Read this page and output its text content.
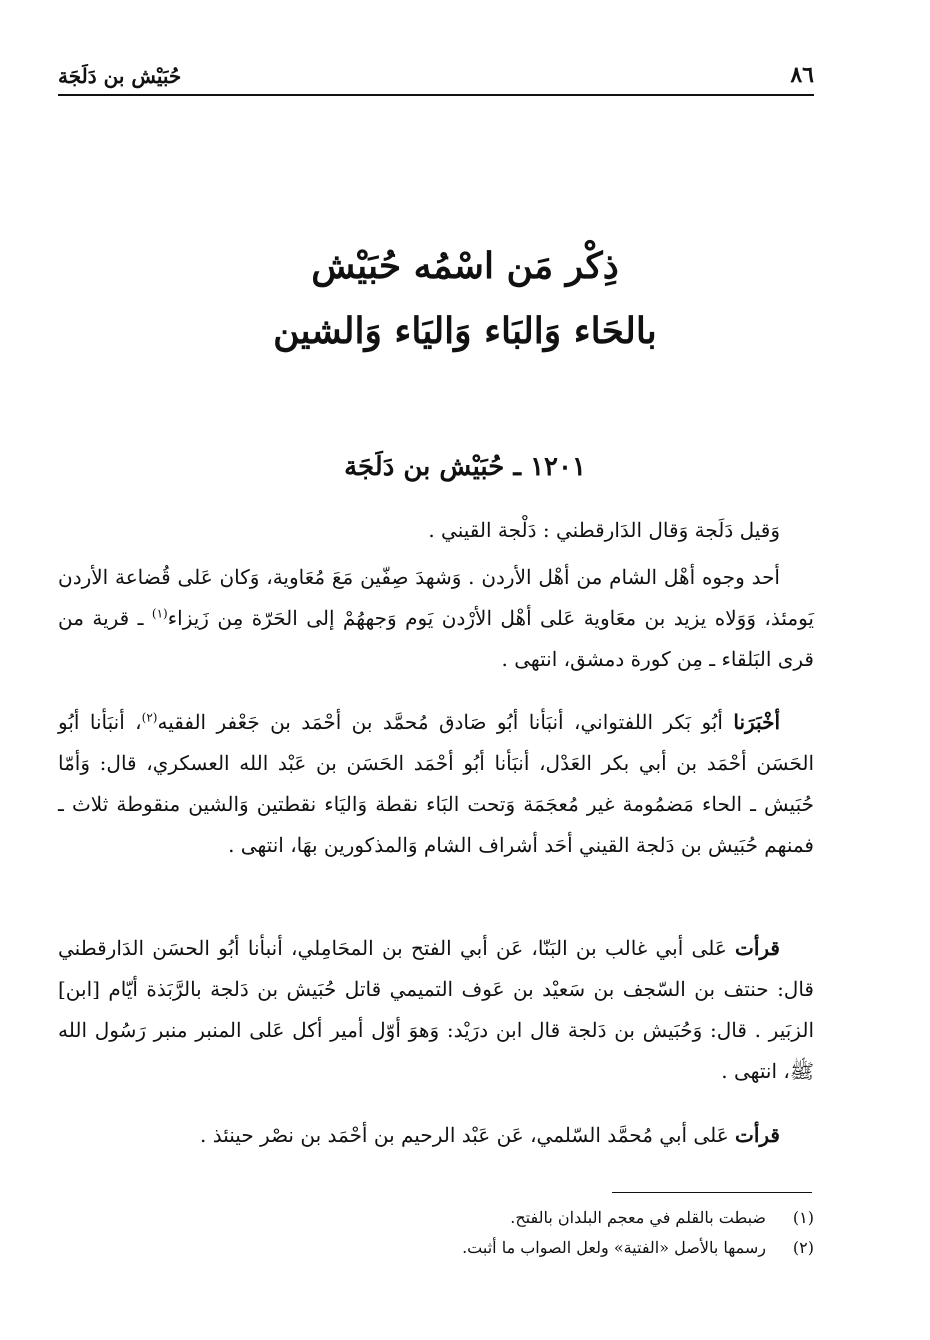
٨٦
حُبَيْش بن دَلَجَة
ذِكْر مَن اسْمُه حُبَيْش
بالحَاء وَالبَاء وَاليَاء وَالشين
١٢٠١ ـ حُبَيْش بن دَلَجَة
وَقيل دَلَجة وَقال الدَارقطني : دَلْجة القيني .
أحد وجوه أهْل الشام من أهْل الأردن . وَشهدَ صِفّين مَعَ مُعَاوية، وَكان عَلى قُضاعة الأردن يَومئذ، وَوَلاه يزيد بن معَاوية عَلى أهْل الأرْدن يَوم وَجههُمْ إلى الحَرّة مِن زَيزاء$^{(١)}$ ـ قرية من قرى البَلقاء ـ مِن كورة دمشق، انتهى .
أخْبَرَنا أبُو بَكر اللفتواني، أنبَأنا أبُو صَادق مُحمَّد بن أحْمَد بن جَعْفر الفقيه$^{(٢)}$، أنبَأنا أبُو الحَسَن أحْمَد بن أبي بكر العَدْل، أنبَأنا أبُو أحْمَد الحَسَن بن عَبْد الله العسكري، قال: وَأمّا حُبَيش ـ الحاء مَضمُومة غير مُعجَمَة وَتحت البَاء نقطة وَاليَاء نقطتين وَالشين منقوطة ثلاث ـ فمنهم حُبَيش بن دَلجة القيني أحَد أشراف الشام وَالمذكورين بهَا، انتهى .
قرأت عَلى أبي غالب بن البَنّا، عَن أبي الفتح بن المحَامِلي، أنبأنا أبُو الحسَن الدَارقطني قال: حنتف بن السّجف بن سَعيْد بن عَوف التميمي قاتل حُبَيش بن دَلجة بالرَّبَذة أيّام [ابن] الزبَير . قال: وَحُبَيش بن دَلجة قال ابن درَيْد: وَهوَ أوّل أمير أكل عَلى المنبر منبر رَسُول الله ﷺ، انتهى .
قرأت عَلى أبي مُحمَّد السّلمي، عَن عَبْد الرحيم بن أحْمَد بن نصْر حينئذ .
(١)ضبطت بالقلم في معجم البلدان بالفتح.
(٢)رسمها بالأصل «الفتية» ولعل الصواب ما أثبت.
